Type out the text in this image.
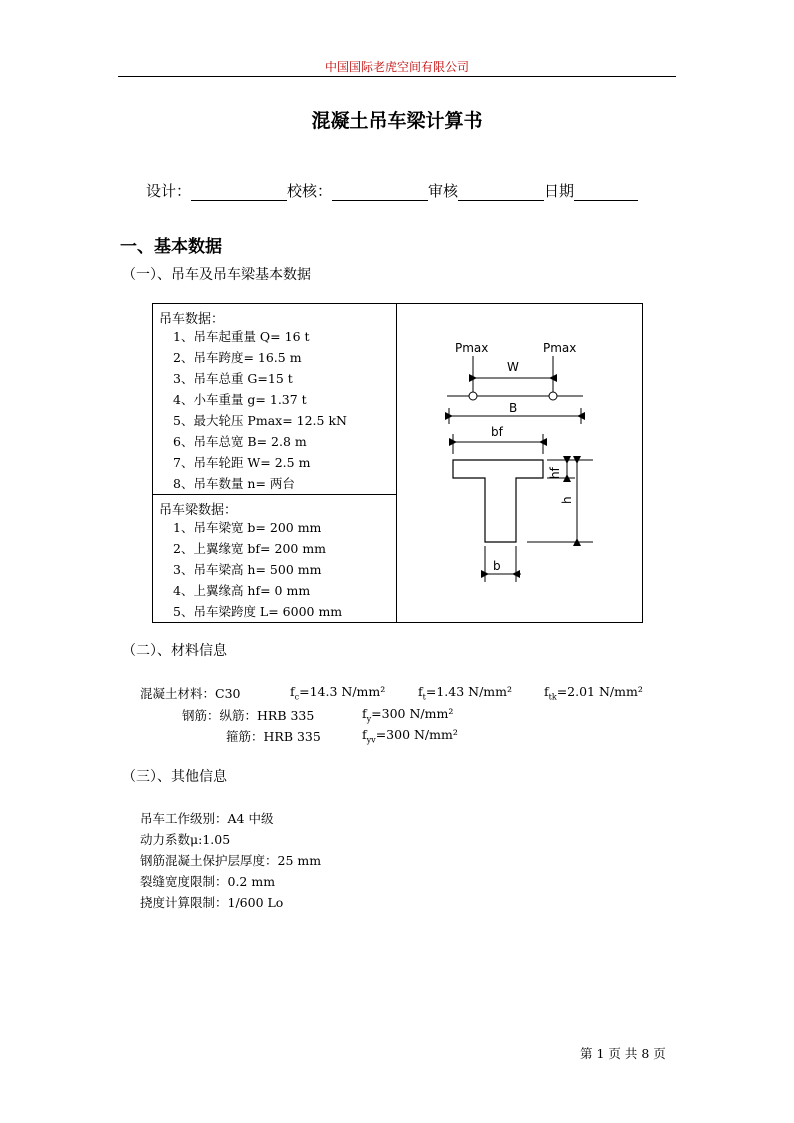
中国国际老虎空间有限公司
混凝土吊车梁计算书
设计：	校核：	审核	日期
一、基本数据
（一）、吊车及吊车梁基本数据
吊车数据：
1、吊车起重量 Q= 16 t
2、吊车跨度= 16.5 m
3、吊车总重 G=15 t
4、小车重量 g= 1.37 t
5、最大轮压 Pmax= 12.5 kN
6、吊车总宽 B= 2.8 m
7、吊车轮距 W= 2.5 m
8、吊车数量 n= 两台

Pmax	Pmax
W
B
bf
b
hf
h

吊车梁数据：
1、吊车梁宽 b= 200 mm
2、上翼缘宽 bf= 200 mm
3、吊车梁高 h= 500 mm
4、上翼缘高 hf= 0 mm
5、吊车梁跨度 L= 6000 mm
（二）、材料信息
混凝土材料：C30	$f_c=14.3$ N/mm²	$f_t=1.43$ N/mm²	$f_{tk}=2.01$ N/mm²
钢筋：纵筋：HRB 335	$f_y=300$ N/mm²
箍筋：HRB 335	$f_{yv}=300$ N/mm²
（三）、其他信息
吊车工作级别：A4 中级
动力系数μ:1.05
钢筋混凝土保护层厚度：25 mm
裂缝宽度限制：0.2 mm
挠度计算限制：1/600 Lo
第 1 页 共 8 页
